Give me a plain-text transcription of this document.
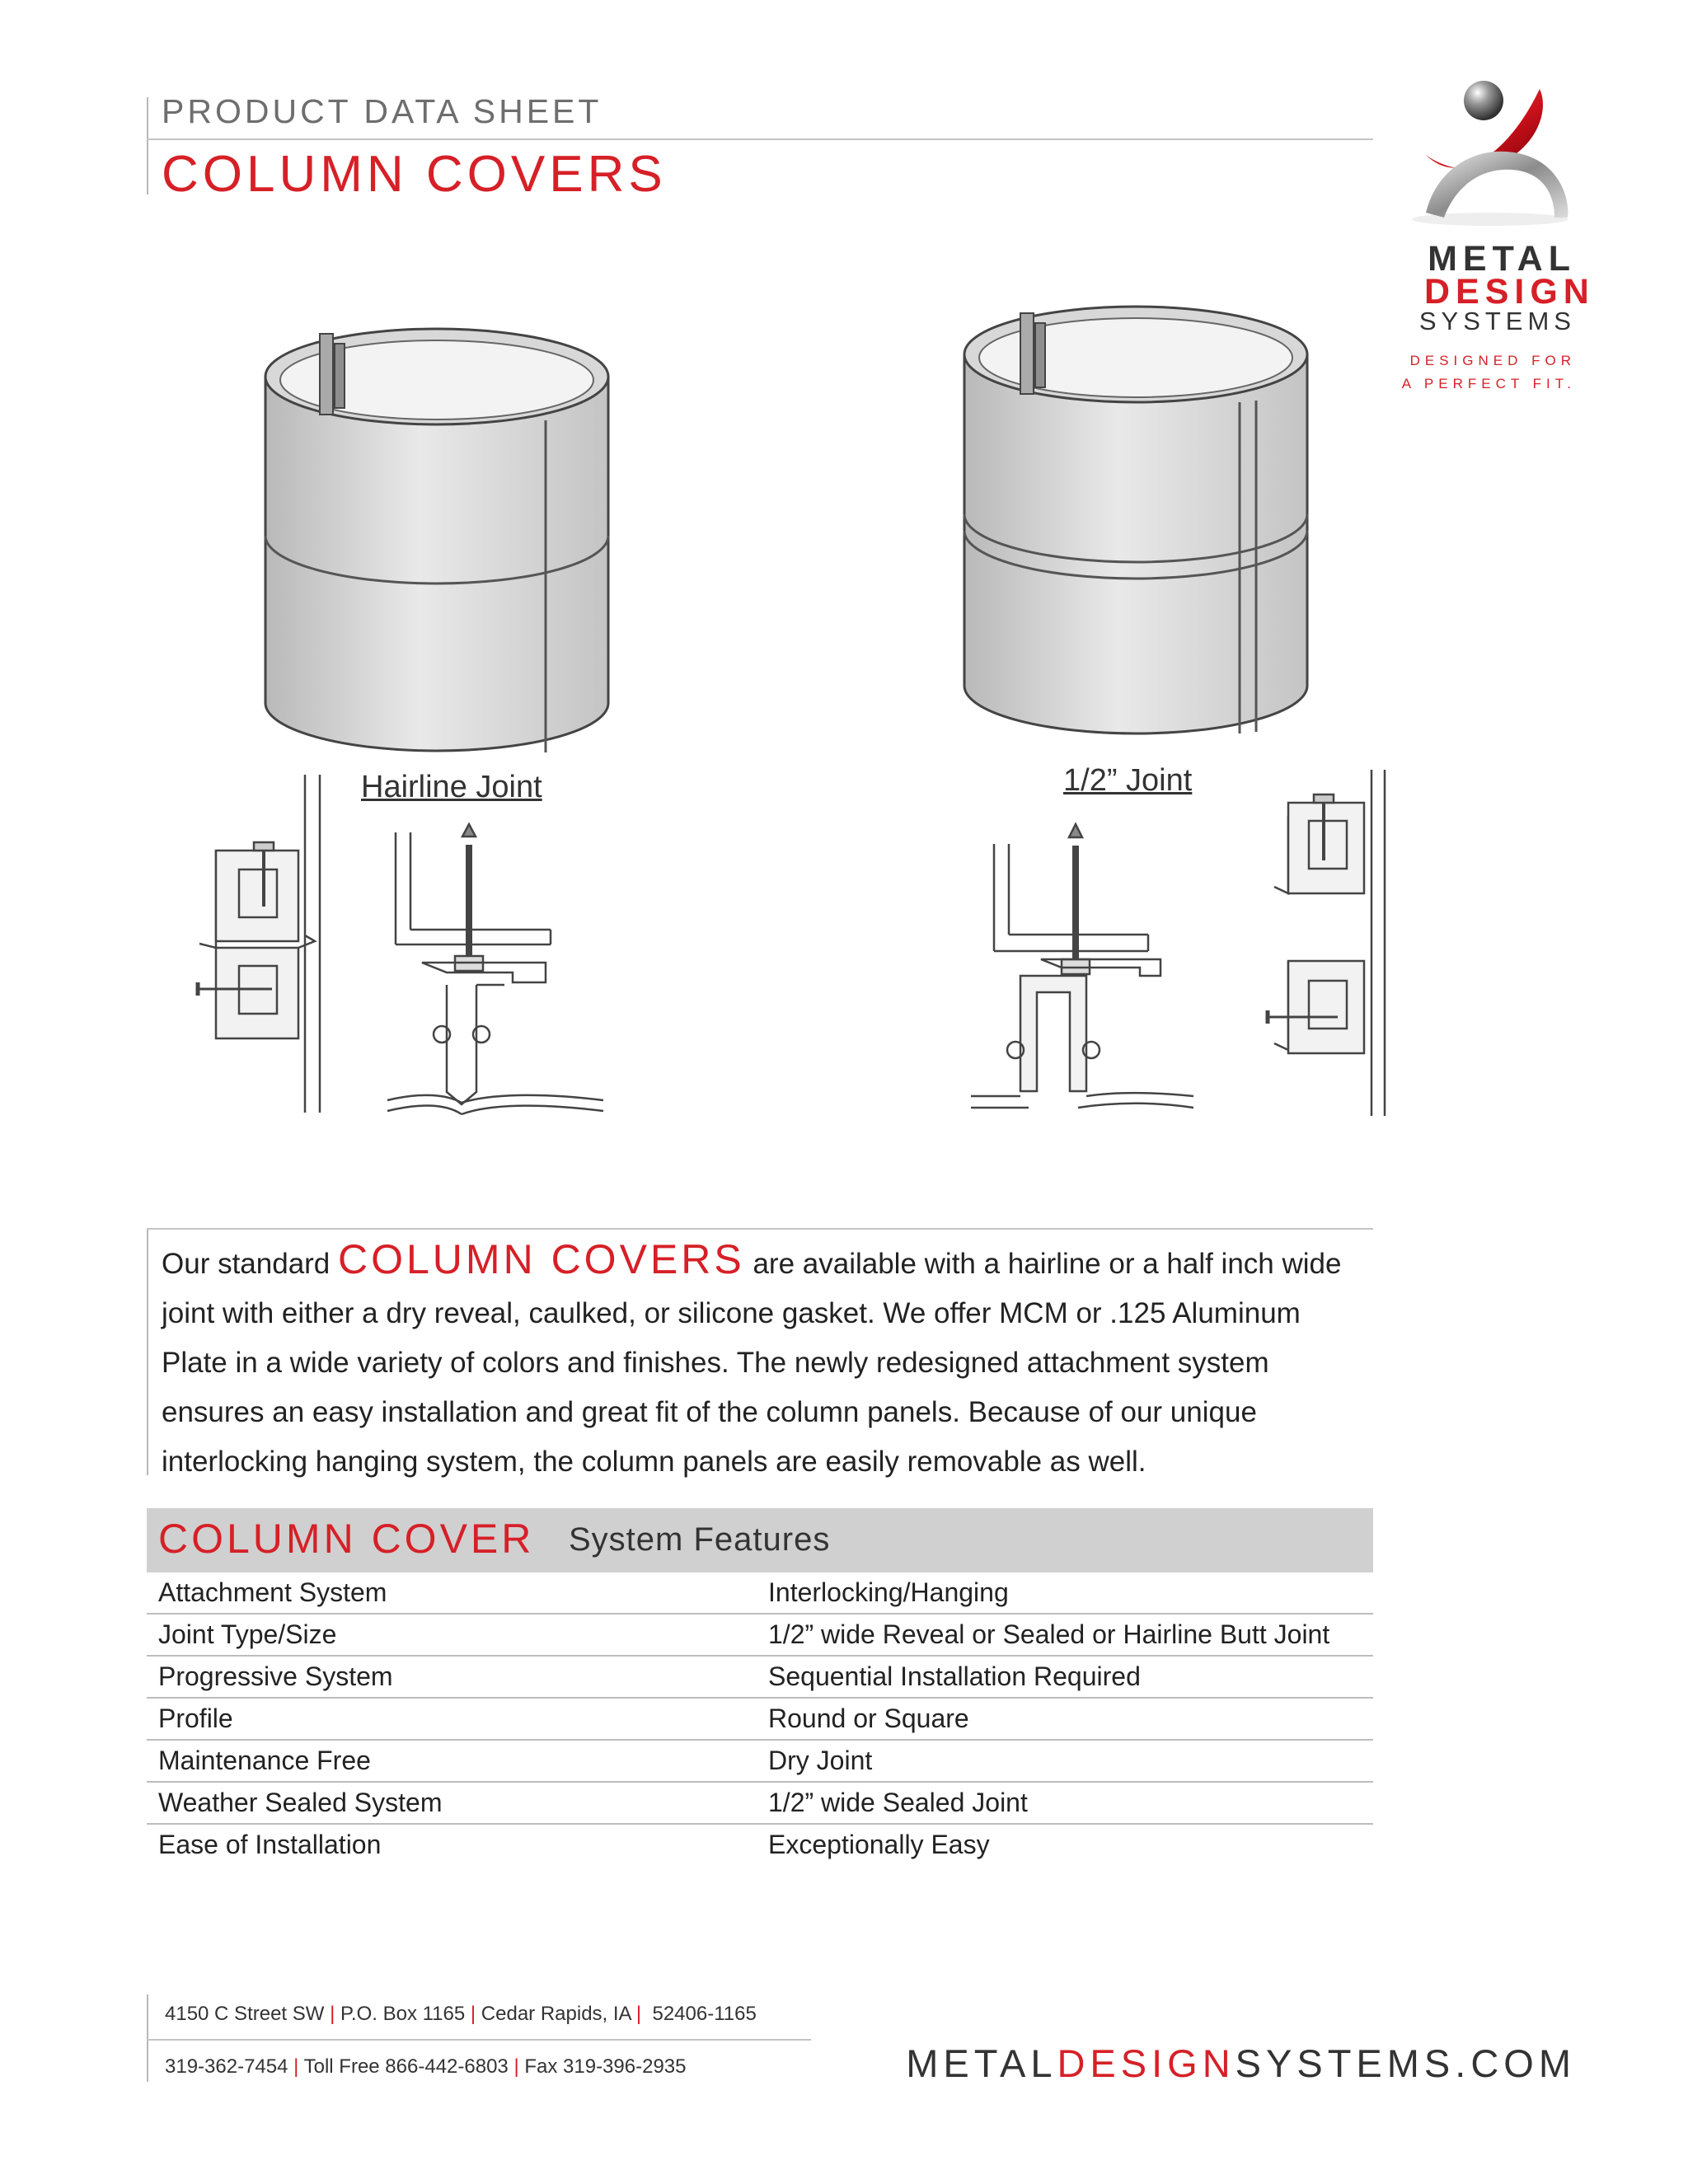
PRODUCT DATA SHEET
COLUMN COVERS
METAL
DESIGN
SYSTEMS
DESIGNED FOR
A PERFECT FIT.
Hairline Joint	1/2” Joint
Our standard COLUMN COVERS are available with a hairline or a half inch wide joint with either a dry reveal, caulked, or silicone gasket. We offer MCM or .125 Aluminum Plate in a wide variety of colors and finishes. The newly redesigned attachment system ensures an easy installation and great fit of the column panels. Because of our unique interlocking hanging system, the column panels are easily removable as well.
COLUMN COVER System Features
Attachment System	Interlocking/Hanging
Joint Type/Size	1/2” wide Reveal or Sealed or Hairline Butt Joint
Progressive System	Sequential Installation Required
Profile	Round or Square
Maintenance Free	Dry Joint
Weather Sealed System	1/2” wide Sealed Joint
Ease of Installation	Exceptionally Easy
4150 C Street SW | P.O. Box 1165 | Cedar Rapids, IA | 52406-1165
319-362-7454 | Toll Free 866-442-6803 | Fax 319-396-2935	METALDESIGNSYSTEMS.COM
